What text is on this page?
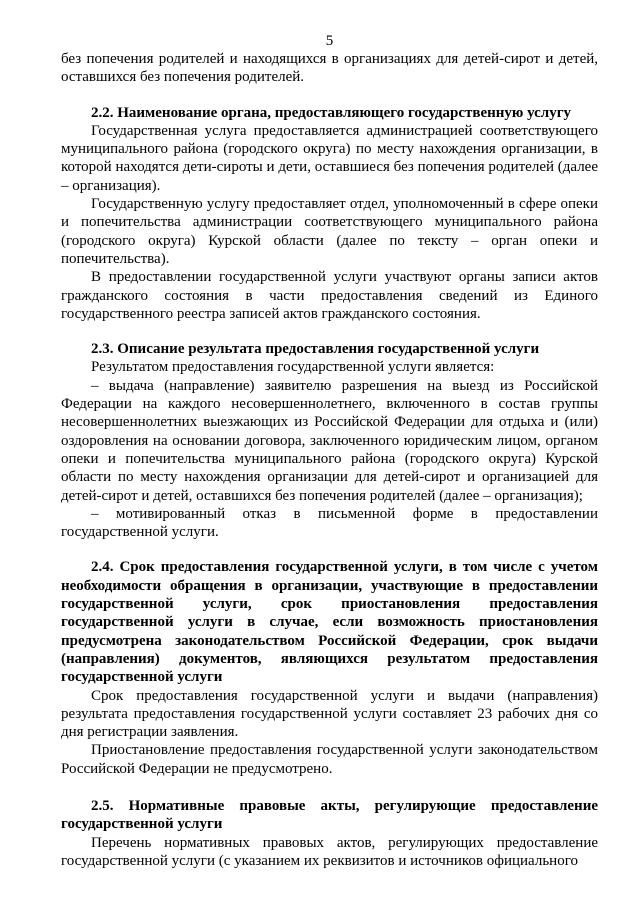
5

без попечения родителей и находящихся в организациях для детей-сирот и детей, оставшихся без попечения родителей.

2.2. Наименование органа, предоставляющего государственную услугу

Государственная услуга предоставляется администрацией соответствующего муниципального района (городского округа) по месту нахождения организации, в которой находятся дети-сироты и дети, оставшиеся без попечения родителей (далее – организация).

Государственную услугу предоставляет отдел, уполномоченный в сфере опеки и попечительства администрации соответствующего муниципального района (городского округа) Курской области (далее по тексту – орган опеки и попечительства).

В предоставлении государственной услуги участвуют органы записи актов гражданского состояния в части предоставления сведений из Единого государственного реестра записей актов гражданского состояния.

2.3. Описание результата предоставления государственной услуги

Результатом предоставления государственной услуги является:

– выдача (направление) заявителю разрешения на выезд из Российской Федерации на каждого несовершеннолетнего, включенного в состав группы несовершеннолетних выезжающих из Российской Федерации для отдыха и (или) оздоровления на основании договора, заключенного юридическим лицом, органом опеки и попечительства муниципального района (городского округа) Курской области по месту нахождения организации для детей-сирот и организацией для детей-сирот и детей, оставшихся без попечения родителей (далее – организация);

– мотивированный отказ в письменной форме в предоставлении государственной услуги.

2.4. Срок предоставления государственной услуги, в том числе с учетом необходимости обращения в организации, участвующие в предоставлении государственной услуги, срок приостановления предоставления государственной услуги в случае, если возможность приостановления предусмотрена законодательством Российской Федерации, срок выдачи (направления) документов, являющихся результатом предоставления государственной услуги

Срок предоставления государственной услуги и выдачи (направления) результата предоставления государственной услуги составляет 23 рабочих дня со дня регистрации заявления.

Приостановление предоставления государственной услуги законодательством Российской Федерации не предусмотрено.

2.5. Нормативные правовые акты, регулирующие предоставление государственной услуги

Перечень нормативных правовых актов, регулирующих предоставление государственной услуги (с указанием их реквизитов и источников официального
